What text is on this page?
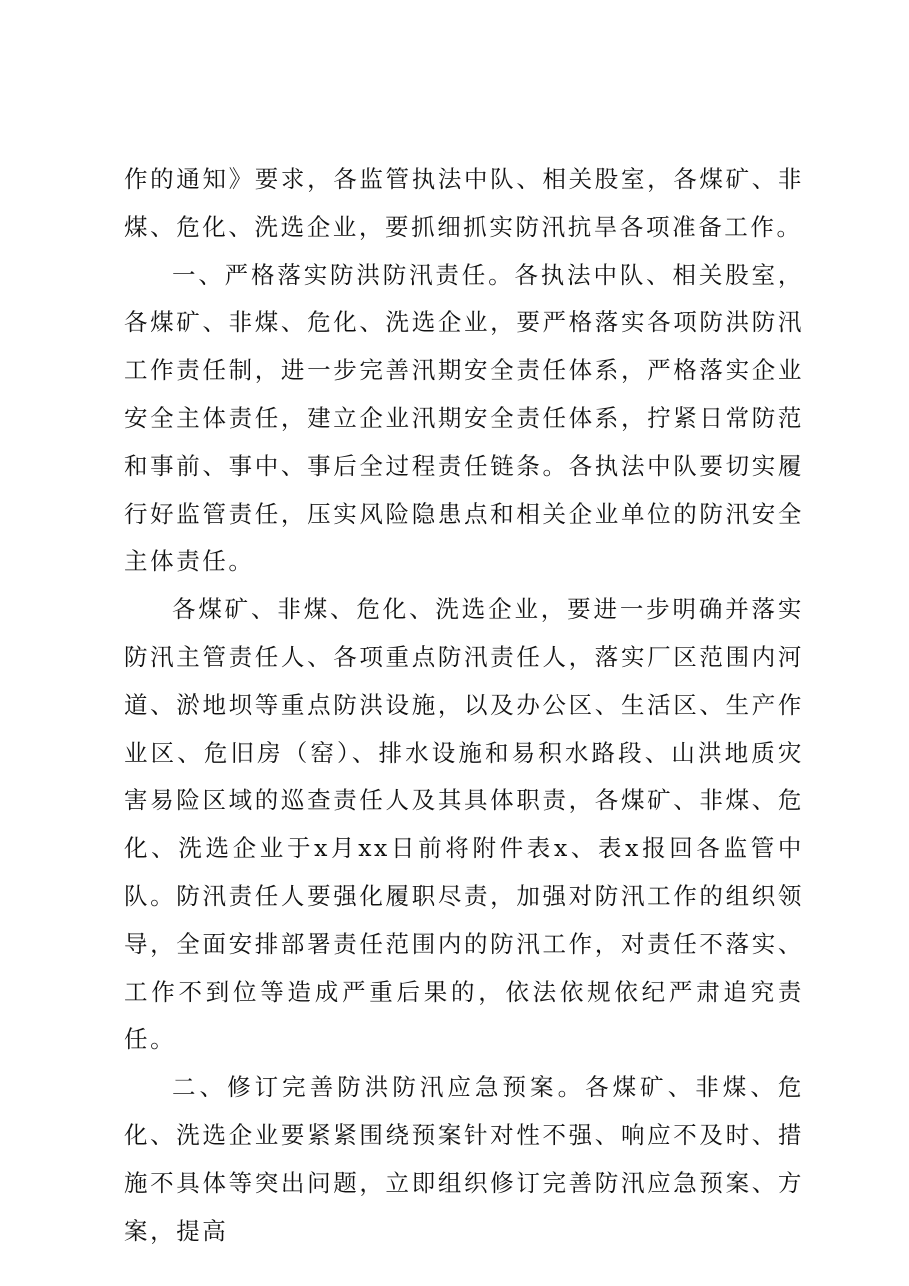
作的通知》要求，各监管执法中队、相关股室，各煤矿、非煤、危化、洗选企业，要抓细抓实防汛抗旱各项准备工作。

一、严格落实防洪防汛责任。各执法中队、相关股室，各煤矿、非煤、危化、洗选企业，要严格落实各项防洪防汛工作责任制，进一步完善汛期安全责任体系，严格落实企业安全主体责任，建立企业汛期安全责任体系，拧紧日常防范和事前、事中、事后全过程责任链条。各执法中队要切实履行好监管责任，压实风险隐患点和相关企业单位的防汛安全主体责任。

各煤矿、非煤、危化、洗选企业，要进一步明确并落实防汛主管责任人、各项重点防汛责任人，落实厂区范围内河道、淤地坝等重点防洪设施，以及办公区、生活区、生产作业区、危旧房（窑）、排水设施和易积水路段、山洪地质灾害易险区域的巡查责任人及其具体职责，各煤矿、非煤、危化、洗选企业于x月xx日前将附件表x、表x报回各监管中队。防汛责任人要强化履职尽责，加强对防汛工作的组织领导，全面安排部署责任范围内的防汛工作，对责任不落实、工作不到位等造成严重后果的，依法依规依纪严肃追究责任。

二、修订完善防洪防汛应急预案。各煤矿、非煤、危化、洗选企业要紧紧围绕预案针对性不强、响应不及时、措施不具体等突出问题，立即组织修订完善防汛应急预案、方案，提高
